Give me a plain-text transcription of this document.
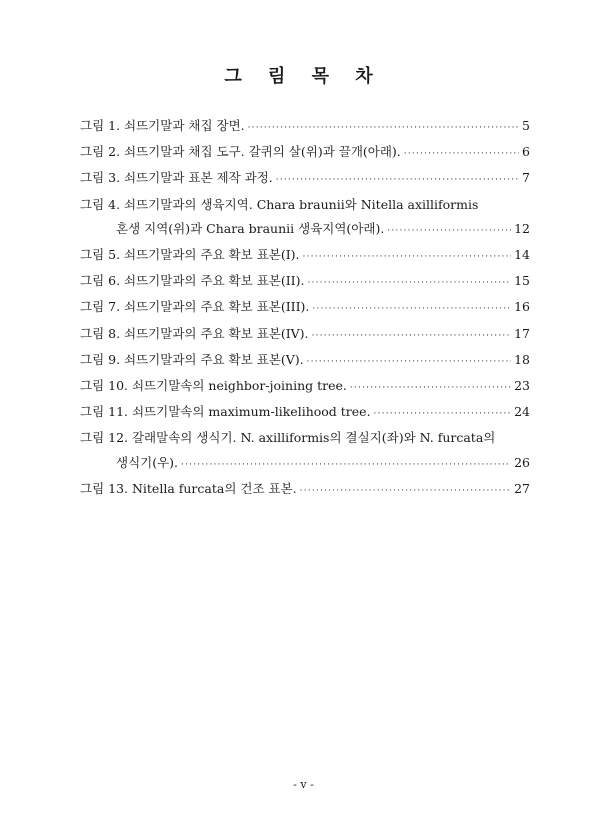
그 림 목 차
그림 1. 쇠뜨기말과 채집 장면. ·····	5
그림 2. 쇠뜨기말과 채집 도구. 갈퀴의 살(위)과 끌개(아래). ·····	6
그림 3. 쇠뜨기말과 표본 제작 과정. ·····	7
그림 4. 쇠뜨기말과의 생육지역. Chara braunii와 Nitella axilliformis
혼생 지역(위)과 Chara braunii 생육지역(아래). ·····	12
그림 5. 쇠뜨기말과의 주요 확보 표본(I). ·····	14
그림 6. 쇠뜨기말과의 주요 확보 표본(II). ·····	15
그림 7. 쇠뜨기말과의 주요 확보 표본(III). ·····	16
그림 8. 쇠뜨기말과의 주요 확보 표본(IV). ·····	17
그림 9. 쇠뜨기말과의 주요 확보 표본(V). ·····	18
그림 10. 쇠뜨기말속의 neighbor-joining tree. ·····	23
그림 11. 쇠뜨기말속의 maximum-likelihood tree. ·····	24
그림 12. 갈래말속의 생식기. N. axilliformis의 결실지(좌)와 N. furcata의
생식기(우). ·····	26
그림 13. Nitella furcata의 건조 표본. ·····	27
- v -
